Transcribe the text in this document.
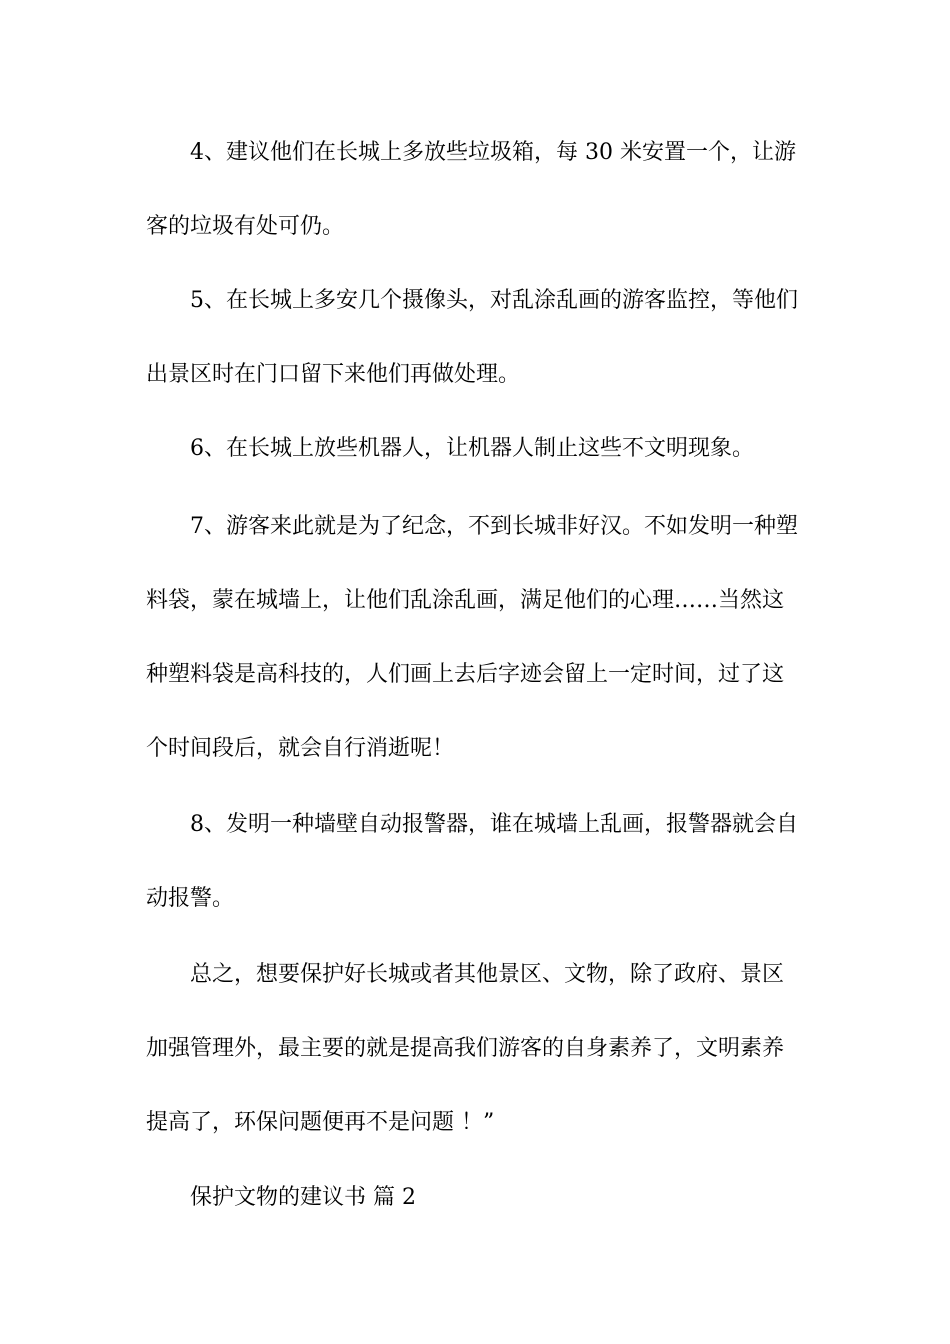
4、建议他们在长城上多放些垃圾箱，每 30 米安置一个，让游
客的垃圾有处可仍。
5、在长城上多安几个摄像头，对乱涂乱画的游客监控，等他们
出景区时在门口留下来他们再做处理。
6、在长城上放些机器人，让机器人制止这些不文明现象。
7、游客来此就是为了纪念，不到长城非好汉。不如发明一种塑
料袋，蒙在城墙上，让他们乱涂乱画，满足他们的心理……当然这
种塑料袋是高科技的，人们画上去后字迹会留上一定时间，过了这
个时间段后，就会自行消逝呢！
8、发明一种墙壁自动报警器，谁在城墙上乱画，报警器就会自
动报警。
总之，想要保护好长城或者其他景区、文物，除了政府、景区
加强管理外，最主要的就是提高我们游客的自身素养了，文明素养
提高了，环保问题便再不是问题 ！”
保护文物的建议书 篇 2
